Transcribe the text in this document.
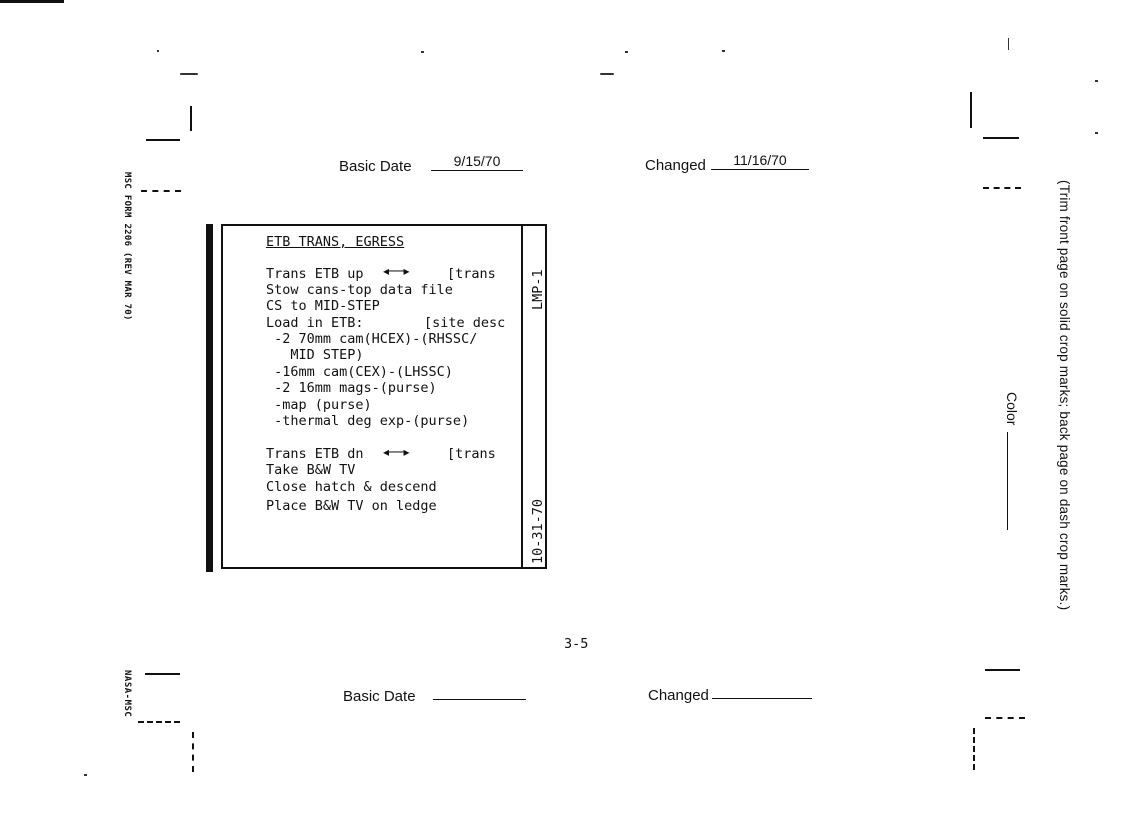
MSC FORM 2206 (REV MAR 70)
NASA-MSC
(Trim front page on solid crop marks; back page on dash crop marks.)
Color
Basic Date	9/15/70	Changed	11/16/70
ETB TRANS, EGRESS
Trans ETB up ◂──▸	[trans
Stow cans-top data file
CS to MID-STEP
Load in ETB:	[site desc
-2 70mm cam(HCEX)-(RHSSC/
MID STEP)
-16mm cam(CEX)-(LHSSC)
-2 16mm mags-(purse)
-map (purse)
-thermal deg exp-(purse)
Trans ETB dn ◂──▸	[trans
Take B&W TV
Close hatch & descend
Place B&W TV on ledge
LMP-1
10-31-70
3-5
Basic Date	Changed
